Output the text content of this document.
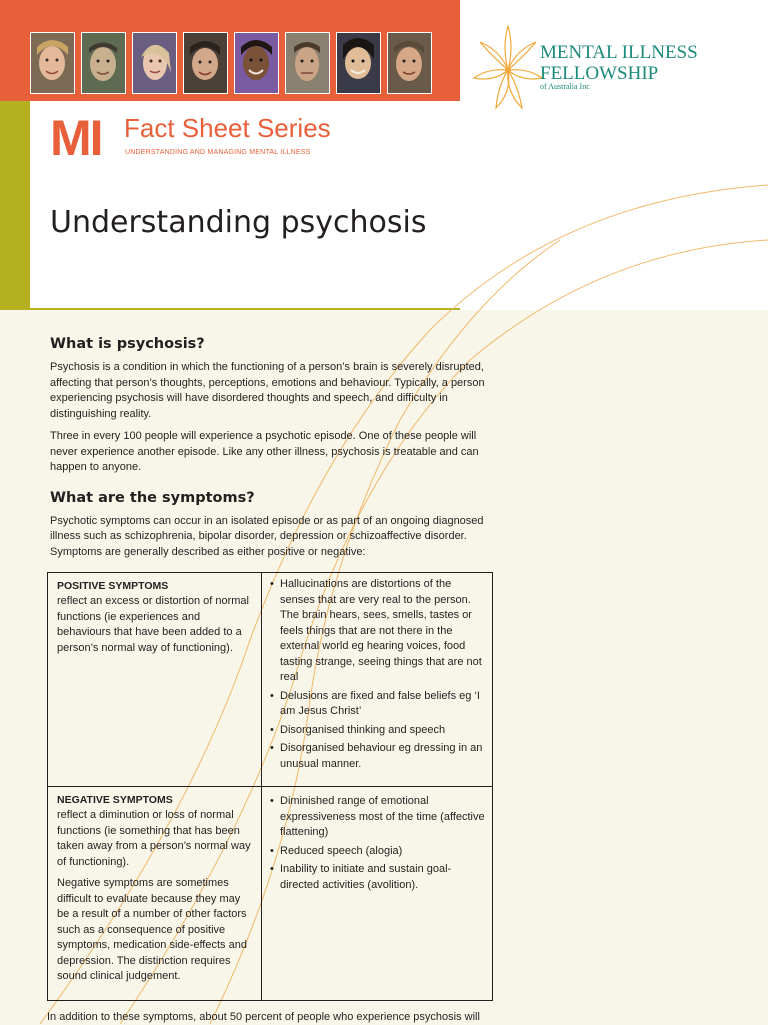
MENTAL ILLNESS
FELLOWSHIP
of Australia Inc
MI Fact Sheet Series
UNDERSTANDING AND MANAGING MENTAL ILLNESS
Understanding psychosis
What is psychosis?

Psychosis is a condition in which the functioning of a person’s brain is severely disrupted, affecting that person’s thoughts, perceptions, emotions and behaviour. Typically, a person experiencing psychosis will have disordered thoughts and speech, and difficulty in distinguishing reality.

Three in every 100 people will experience a psychotic episode. One of these people will never experience another episode. Like any other illness, psychosis is treatable and can happen to anyone.

What are the symptoms?

Psychotic symptoms can occur in an isolated episode or as part of an ongoing diagnosed illness such as schizophrenia, bipolar disorder, depression or schizoaffective disorder. Symptoms are generally described as either positive or negative:

POSITIVE SYMPTOMS

reflect an excess or distortion of normal functions (ie experiences and behaviours that have been added to a person’s normal way of functioning).

• Hallucinations are distortions of the senses that are very real to the person. The brain hears, sees, smells, tastes or feels things that are not there in the external world eg hearing voices, food tasting strange, seeing things that are not real
• Delusions are fixed and false beliefs eg ‘I am Jesus Christ’
• Disorganised thinking and speech
• Disorganised behaviour eg dressing in an unusual manner.
NEGATIVE SYMPTOMS

reflect a diminution or loss of normal functions (ie something that has been taken away from a person’s normal way of functioning).

Negative symptoms are sometimes difficult to evaluate because they may be a result of a number of other factors such as a consequence of positive symptoms, medication side-effects and depression. The distinction requires sound clinical judgement.

• Diminished range of emotional expressiveness most of the time (affective flattening)
• Reduced speech (alogia)
• Inability to initiate and sustain goal-directed activities (avolition).
In addition to these symptoms, about 50 percent of people who experience psychosis will
